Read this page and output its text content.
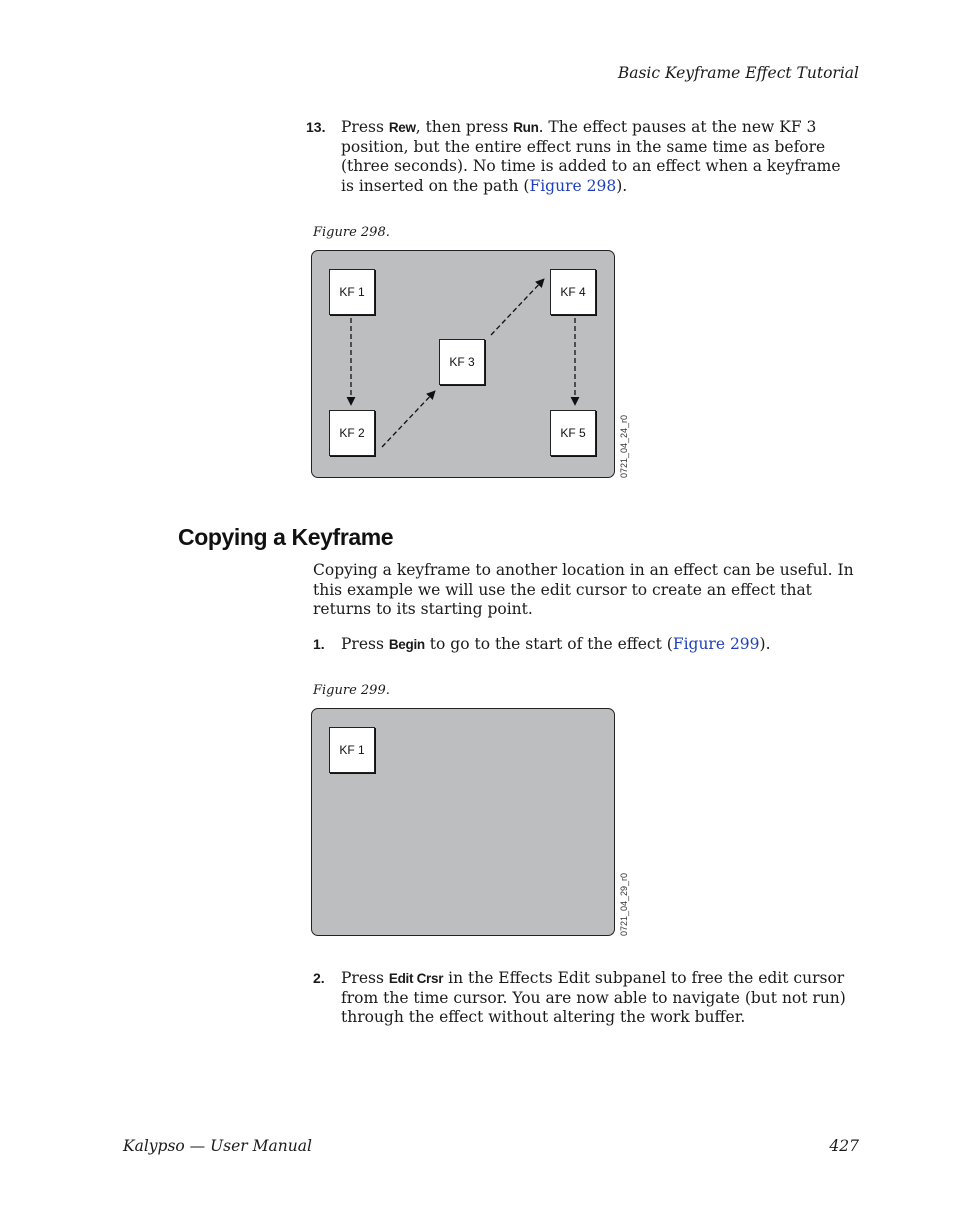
Basic Keyframe Effect Tutorial
13. Press Rew, then press Run. The effect pauses at the new KF 3 position, but the entire effect runs in the same time as before (three seconds). No time is added to an effect when a keyframe is inserted on the path (Figure 298).
Figure 298.
KF 1
KF 2
KF 3
KF 4
KF 5	0721_04_24_r0
Copying a Keyframe
Copying a keyframe to another location in an effect can be useful. In this example we will use the edit cursor to create an effect that returns to its starting point.
1. Press Begin to go to the start of the effect (Figure 299).
Figure 299.
KF 1
0721_04_29_r0
2. Press Edit Crsr in the Effects Edit subpanel to free the edit cursor from the time cursor. You are now able to navigate (but not run) through the effect without altering the work buffer.
Kalypso — User Manual	427
